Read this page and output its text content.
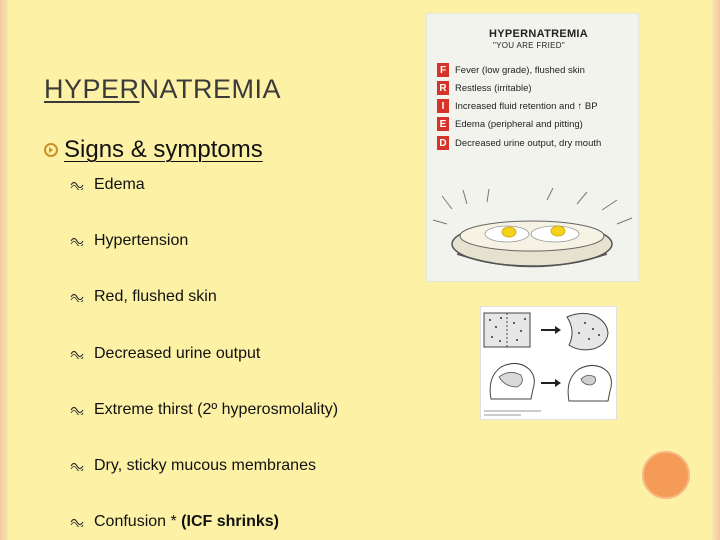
HYPERNATREMIA
Signs & symptoms
Edema
Hypertension
Red, flushed skin
Decreased urine output
Extreme thirst (2º hyperosmolality)
Dry, sticky mucous membranes
Confusion * (ICF shrinks)
HYPERNATREMIA
"YOU ARE FRIED"
F Fever (low grade), flushed skin
R Restless (irritable)
I	Increased fluid retention and ↑ BP
E Edema (peripheral and pitting)
D Decreased urine output, dry mouth
